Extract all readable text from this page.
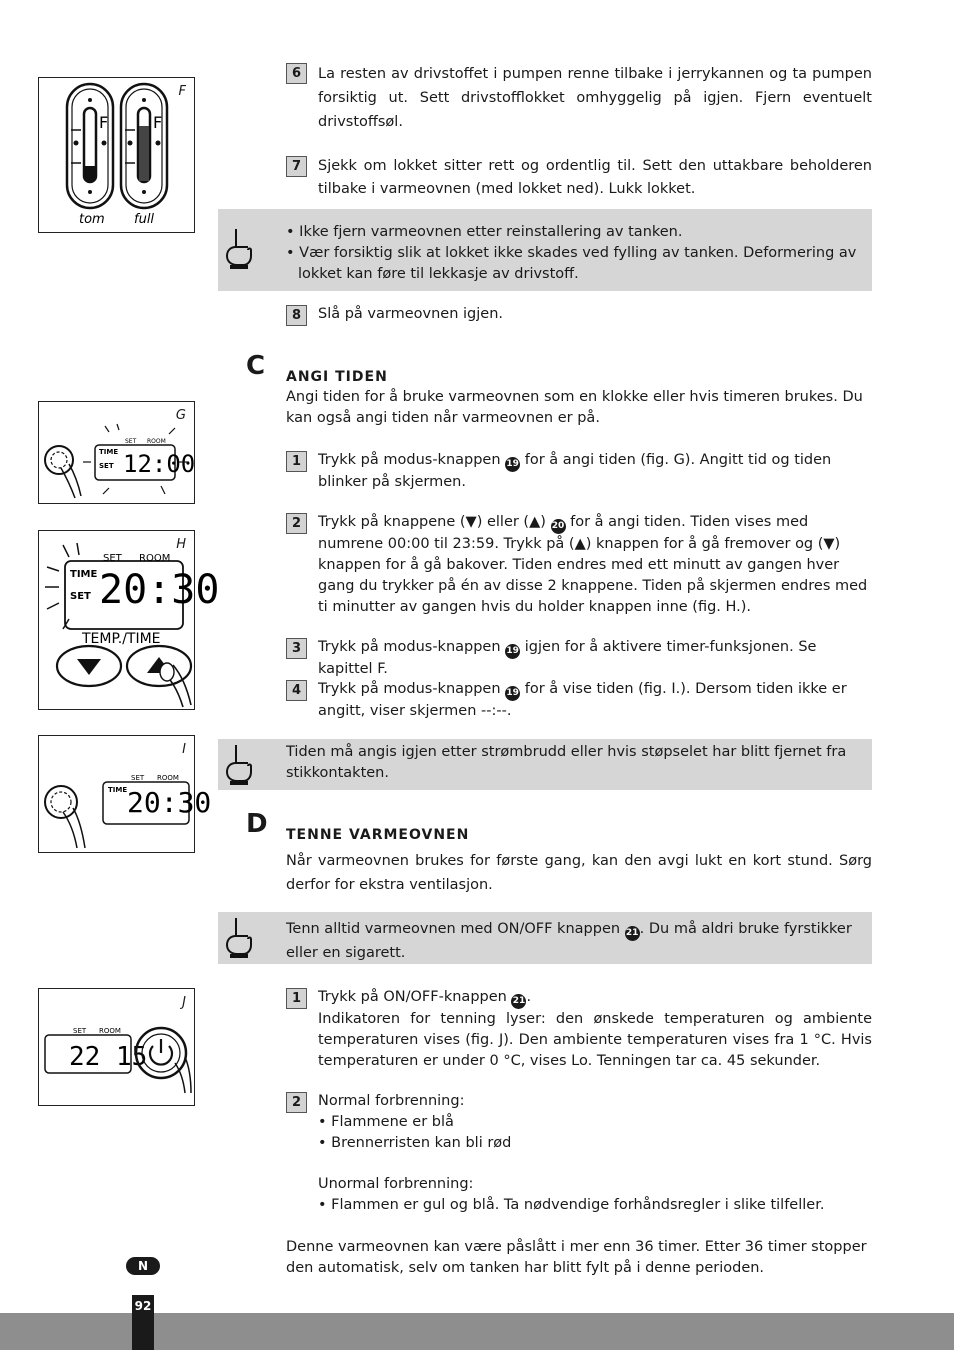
F
F	F
tom full
G
TIME
SET 12:00
SET ROOM
H
TIME
SET 20:30
SET ROOM
TEMP./TIME
I
TIME 20:30
SET ROOM
J
22 15
SET ROOM
6	La resten av drivstoffet i pumpen renne tilbake i jerrykannen og ta pumpen forsiktig ut. Sett drivstofflokket omhyggelig på igjen. Fjern eventuelt drivstoffsøl.
7	Sjekk om lokket sitter rett og ordentlig til. Sett den uttakbare beholderen tilbake i varmeovnen (med lokket ned). Lukk lokket.
• Ikke fjern varmeovnen etter reinstallering av tanken.
• Vær forsiktig slik at lokket ikke skades ved fylling av tanken. Deformering av lokket kan føre til lekkasje av drivstoff.
8	Slå på varmeovnen igjen.
C ANGI TIDEN
Angi tiden for å bruke varmeovnen som en klokke eller hvis timeren brukes. Du kan også angi tiden når varmeovnen er på.
1	Trykk på modus-knappen 19 for å angi tiden (fig. G). Angitt tid og tiden blinker på skjermen.
2	Trykk på knappene (▼) eller (▲) 20 for å angi tiden. Tiden vises med numrene 00:00 til 23:59. Trykk på (▲) knappen for å gå fremover og (▼) knappen for å gå bakover. Tiden endres med ett minutt av gangen hver gang du trykker på én av disse 2 knappene. Tiden på skjermen endres med ti minutter av gangen hvis du holder knappen inne (fig. H.).
3	Trykk på modus-knappen 19 igjen for å aktivere timer-funksjonen. Se kapittel F.
4	Trykk på modus-knappen 19 for å vise tiden (fig. I.). Dersom tiden ikke er angitt, viser skjermen --:--.
Tiden må angis igjen etter strømbrudd eller hvis støpselet har blitt fjernet fra stikkontakten.
D TENNE VARMEOVNEN
Når varmeovnen brukes for første gang, kan den avgi lukt en kort stund. Sørg derfor for ekstra ventilasjon.
Tenn alltid varmeovnen med ON/OFF knappen 21. Du må aldri bruke fyrstikker eller en sigarett.
1	Trykk på ON/OFF-knappen 21.
Indikatoren for tenning lyser: den ønskede temperaturen og ambiente temperaturen vises (fig. J). Den ambiente temperaturen vises fra 1 °C. Hvis temperaturen er under 0 °C, vises Lo. Tenningen tar ca. 45 sekunder.
2	Normal forbrenning:
• Flammene er blå
• Brennerristen kan bli rød
Unormal forbrenning:
• Flammen er gul og blå. Ta nødvendige forhåndsregler i slike tilfeller.
Denne varmeovnen kan være påslått i mer enn 36 timer. Etter 36 timer stopper den automatisk, selv om tanken har blitt fylt på i denne perioden.
N
92
